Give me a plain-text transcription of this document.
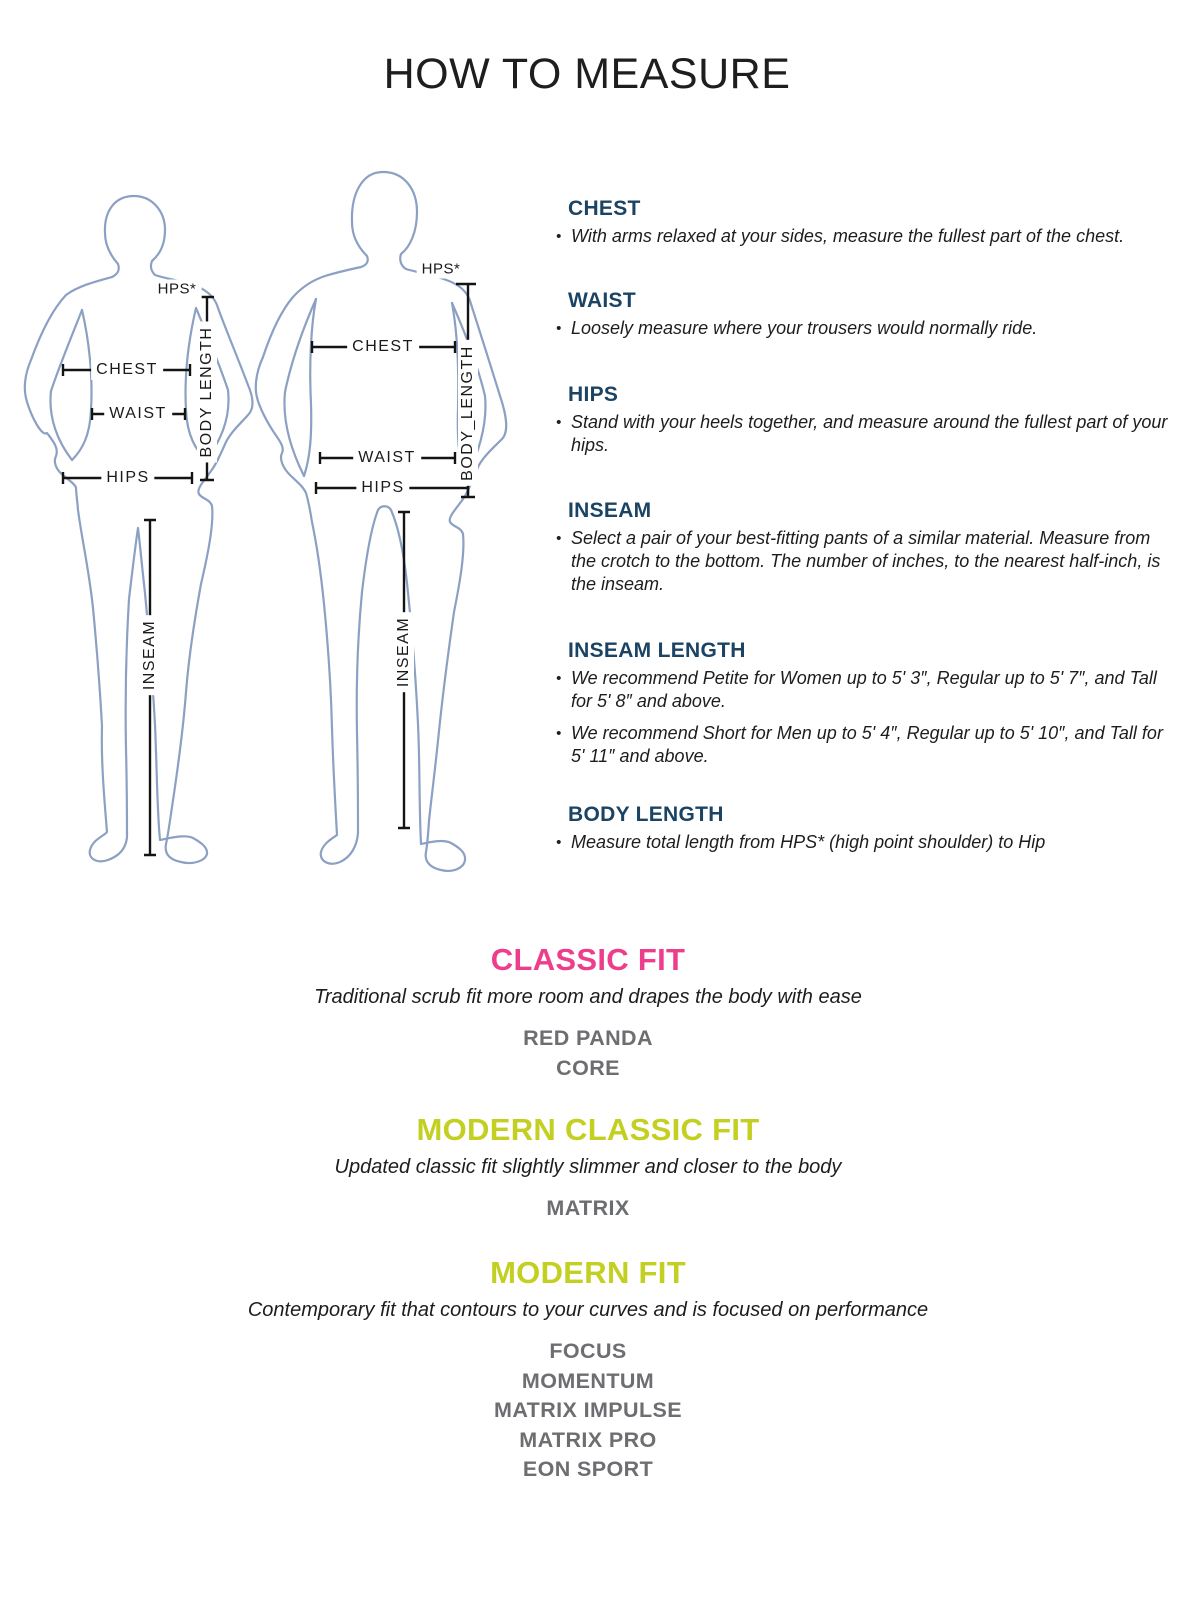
HOW TO MEASURE
HPS*
CHEST
WAIST
HIPS
BODY LENGTH
INSEAM
HPS*
CHEST
WAIST
HIPS
BODY_LENGTH
INSEAM
CHEST
• With arms relaxed at your sides, measure the fullest part of the chest.
WAIST
• Loosely measure where your trousers would normally ride.
HIPS
• Stand with your heels together, and measure around the fullest part of your hips.
INSEAM
• Select a pair of your best-fitting pants of a similar material. Measure from the crotch to the bottom. The number of inches, to the nearest half-inch, is the inseam.
INSEAM LENGTH
• We recommend Petite for Women up to 5' 3″, Regular up to 5' 7″, and Tall for 5' 8″ and above.
• We recommend Short for Men up to 5' 4″, Regular up to 5' 10″, and Tall for 5' 11″ and above.
BODY LENGTH
• Measure total length from HPS* (high point shoulder) to Hip
CLASSIC FIT
Traditional scrub fit more room and drapes the body with ease
RED PANDA
CORE
MODERN CLASSIC FIT
Updated classic fit slightly slimmer and closer to the body
MATRIX
MODERN FIT
Contemporary fit that contours to your curves and is focused on performance
FOCUS
MOMENTUM
MATRIX IMPULSE
MATRIX PRO
EON SPORT
